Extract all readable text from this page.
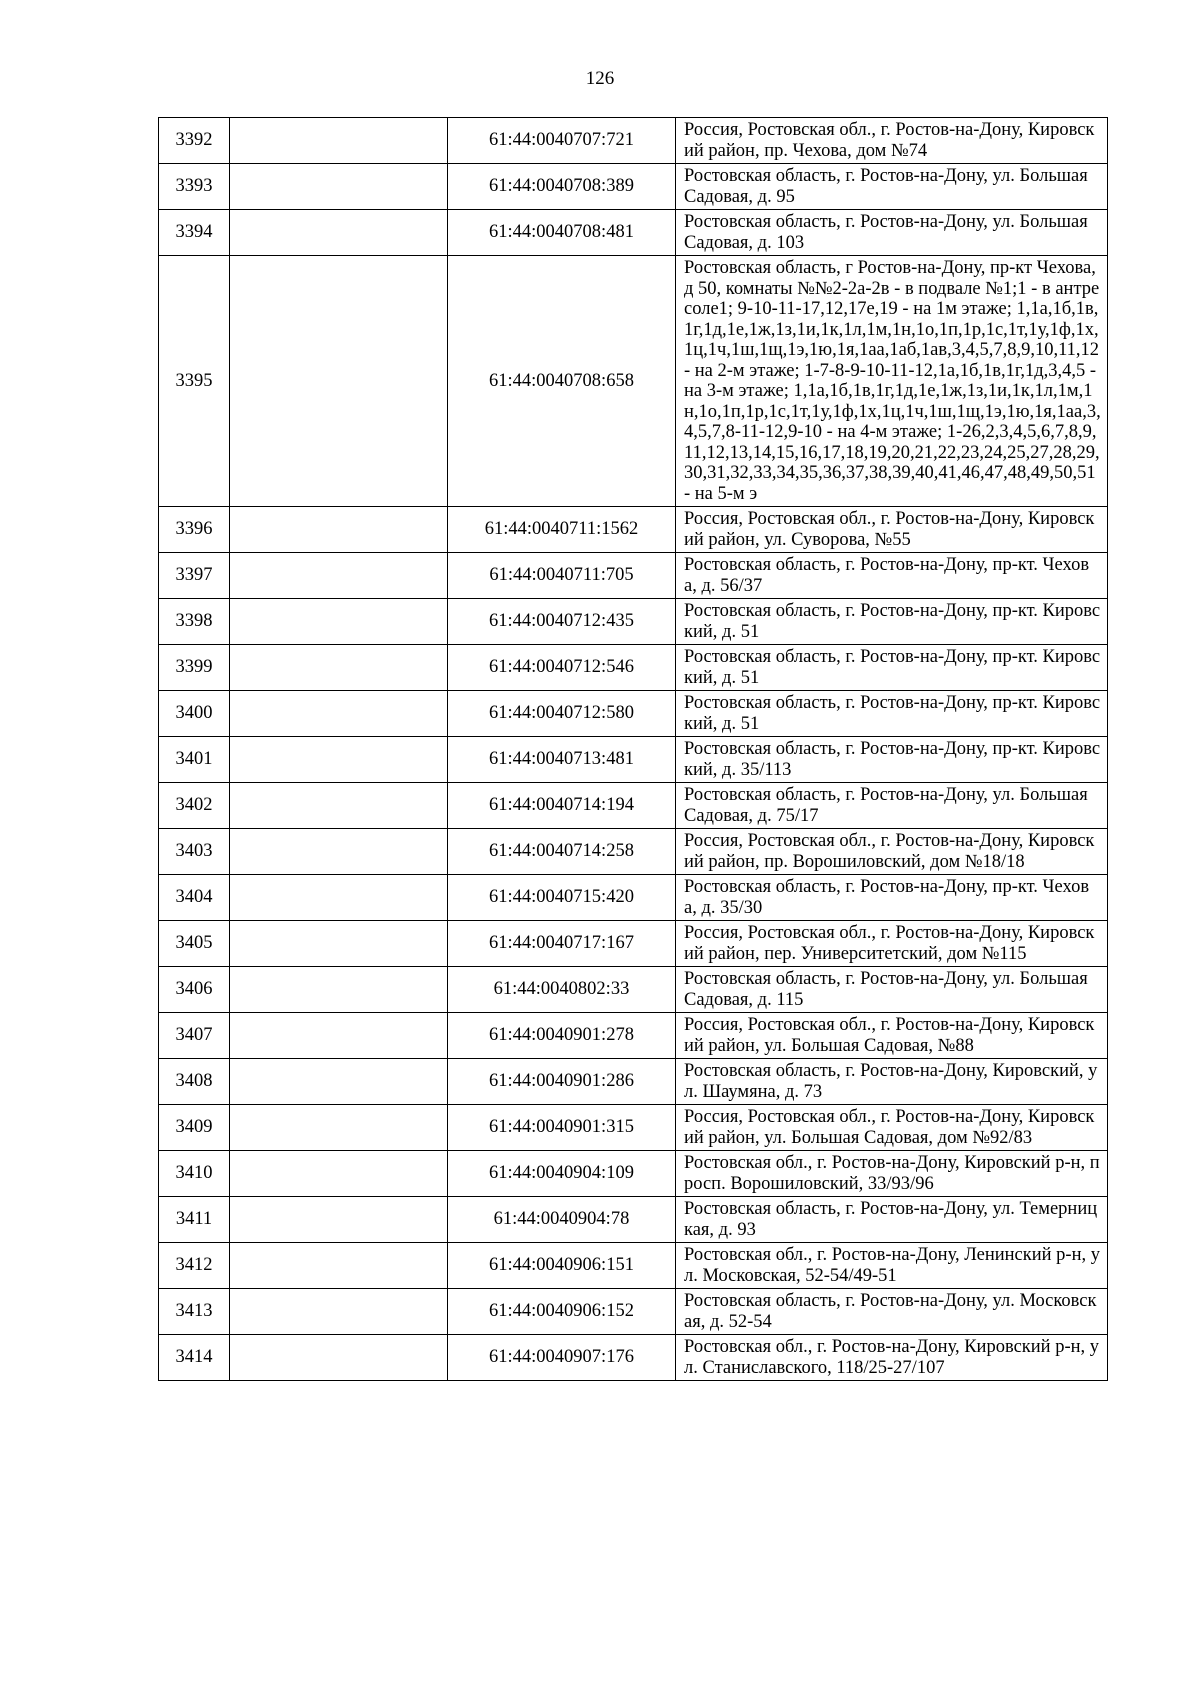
126
3392		61:44:0040707:721	Россия, Ростовская обл., г. Ростов-на-Дону, Кировский район, пр. Чехова, дом №74
3393		61:44:0040708:389	Ростовская область, г. Ростов-на-Дону, ул. Большая Садовая, д. 95
3394		61:44:0040708:481	Ростовская область, г. Ростов-на-Дону, ул. Большая Садовая, д. 103
3395		61:44:0040708:658	Ростовская область, г Ростов-на-Дону, пр-кт Чехова, д 50, комнаты №№2-2а-2в - в подвале №1;1 - в антресоле1; 9-10-11-17,12,17е,19 - на 1м этаже; 1,1а,1б,1в,1г,1д,1е,1ж,1з,1и,1к,1л,1м,1н,1о,1п,1р,1с,1т,1у,1ф,1х,1ц,1ч,1ш,1щ,1э,1ю,1я,1аа,1аб,1ав,3,4,5,7,8,9,10,11,12 - на 2-м этаже; 1-7-8-9-10-11-12,1а,1б,1в,1г,1д,3,4,5 - на 3-м этаже; 1,1а,1б,1в,1г,1д,1е,1ж,1з,1и,1к,1л,1м,1н,1о,1п,1р,1с,1т,1у,1ф,1х,1ц,1ч,1ш,1щ,1э,1ю,1я,1аа,3,4,5,7,8-11-12,9-10 - на 4-м этаже; 1-26,2,3,4,5,6,7,8,9,11,12,13,14,15,16,17,18,19,20,21,22,23,24,25,27,28,29,30,31,32,33,34,35,36,37,38,39,40,41,46,47,48,49,50,51 - на 5-м э
3396		61:44:0040711:1562	Россия, Ростовская обл., г. Ростов-на-Дону, Кировский район, ул. Суворова, №55
3397		61:44:0040711:705	Ростовская область, г. Ростов-на-Дону, пр-кт. Чехова, д. 56/37
3398		61:44:0040712:435	Ростовская область, г. Ростов-на-Дону, пр-кт. Кировский, д. 51
3399		61:44:0040712:546	Ростовская область, г. Ростов-на-Дону, пр-кт. Кировский, д. 51
3400		61:44:0040712:580	Ростовская область, г. Ростов-на-Дону, пр-кт. Кировский, д. 51
3401		61:44:0040713:481	Ростовская область, г. Ростов-на-Дону, пр-кт. Кировский, д. 35/113
3402		61:44:0040714:194	Ростовская область, г. Ростов-на-Дону, ул. Большая Садовая, д. 75/17
3403		61:44:0040714:258	Россия, Ростовская обл., г. Ростов-на-Дону, Кировский район, пр. Ворошиловский, дом №18/18
3404		61:44:0040715:420	Ростовская область, г. Ростов-на-Дону, пр-кт. Чехова, д. 35/30
3405		61:44:0040717:167	Россия, Ростовская обл., г. Ростов-на-Дону, Кировский район, пер. Университетский, дом №115
3406		61:44:0040802:33	Ростовская область, г. Ростов-на-Дону, ул. Большая Садовая, д. 115
3407		61:44:0040901:278	Россия, Ростовская обл., г. Ростов-на-Дону, Кировский район, ул. Большая Садовая, №88
3408		61:44:0040901:286	Ростовская область, г. Ростов-на-Дону, Кировский, ул. Шаумяна, д. 73
3409		61:44:0040901:315	Россия, Ростовская обл., г. Ростов-на-Дону, Кировский район, ул. Большая Садовая, дом №92/83
3410		61:44:0040904:109	Ростовская обл., г. Ростов-на-Дону, Кировский р-н, просп. Ворошиловский, 33/93/96
3411		61:44:0040904:78	Ростовская область, г. Ростов-на-Дону, ул. Темерницкая, д. 93
3412		61:44:0040906:151	Ростовская обл., г. Ростов-на-Дону, Ленинский р-н, ул. Московская, 52-54/49-51
3413		61:44:0040906:152	Ростовская область, г. Ростов-на-Дону, ул. Московская, д. 52-54
3414		61:44:0040907:176	Ростовская обл., г. Ростов-на-Дону, Кировский р-н, ул. Станиславского, 118/25-27/107
